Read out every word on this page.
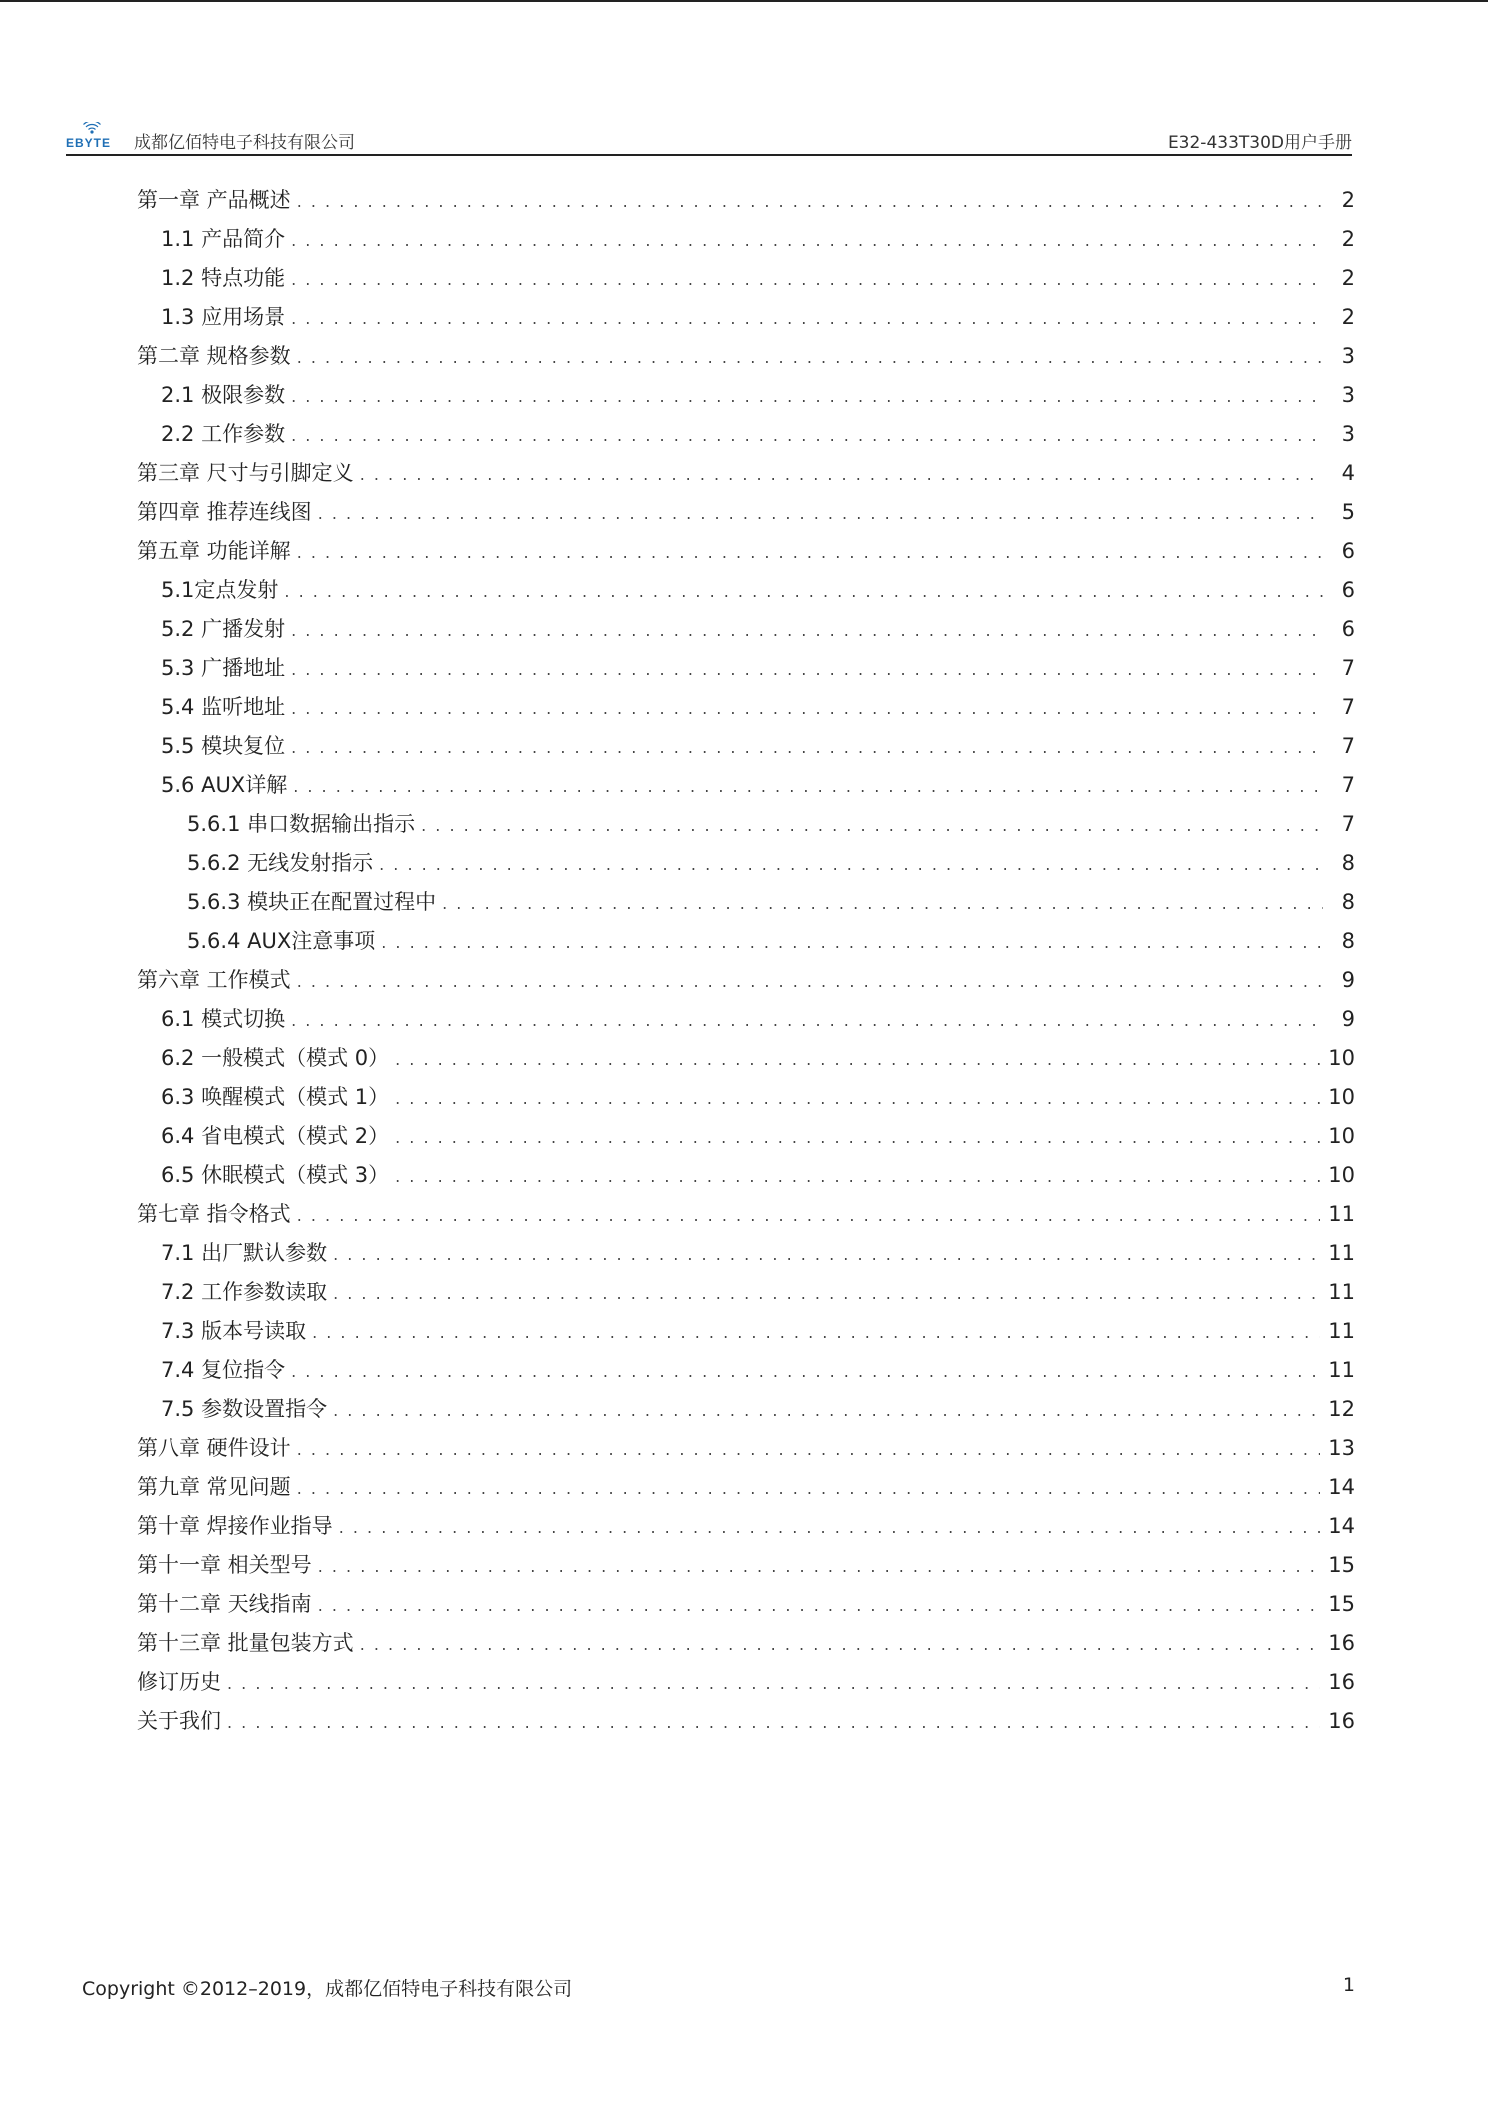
EBYTE 成都亿佰特电子科技有限公司	E32-433T30D用户手册
第一章 产品概述 . . .	2
1.1 产品简介 . . .	2
1.2 特点功能 . . .	2
1.3 应用场景 . . .	2
第二章 规格参数 . . .	3
2.1 极限参数 . . .	3
2.2 工作参数 . . .	3
第三章 尺寸与引脚定义 . . .	4
第四章 推荐连线图 . . .	5
第五章 功能详解 . . .	6
5.1定点发射 . . .	6
5.2 广播发射 . . .	6
5.3 广播地址 . . .	7
5.4 监听地址 . . .	7
5.5 模块复位 . . .	7
5.6 AUX详解 . . .	7
5.6.1 串口数据输出指示 . . .	7
5.6.2 无线发射指示 . . .	8
5.6.3 模块正在配置过程中 . . .	8
5.6.4 AUX注意事项 . . .	8
第六章 工作模式 . . .	9
6.1 模式切换 . . .	9
6.2 一般模式（模式 0） . . .	10
6.3 唤醒模式（模式 1） . . .	10
6.4 省电模式（模式 2） . . .	10
6.5 休眠模式（模式 3） . . .	10
第七章 指令格式 . . .	11
7.1 出厂默认参数 . . .	11
7.2 工作参数读取 . . .	11
7.3 版本号读取 . . .	11
7.4 复位指令 . . .	11
7.5 参数设置指令 . . .	12
第八章 硬件设计 . . .	13
第九章 常见问题 . . .	14
第十章 焊接作业指导 . . .	14
第十一章 相关型号 . . .	15
第十二章 天线指南 . . .	15
第十三章 批量包装方式 . . .	16
修订历史 . . .	16
关于我们 . . .	16
Copyright ©2012–2019，成都亿佰特电子科技有限公司	1
